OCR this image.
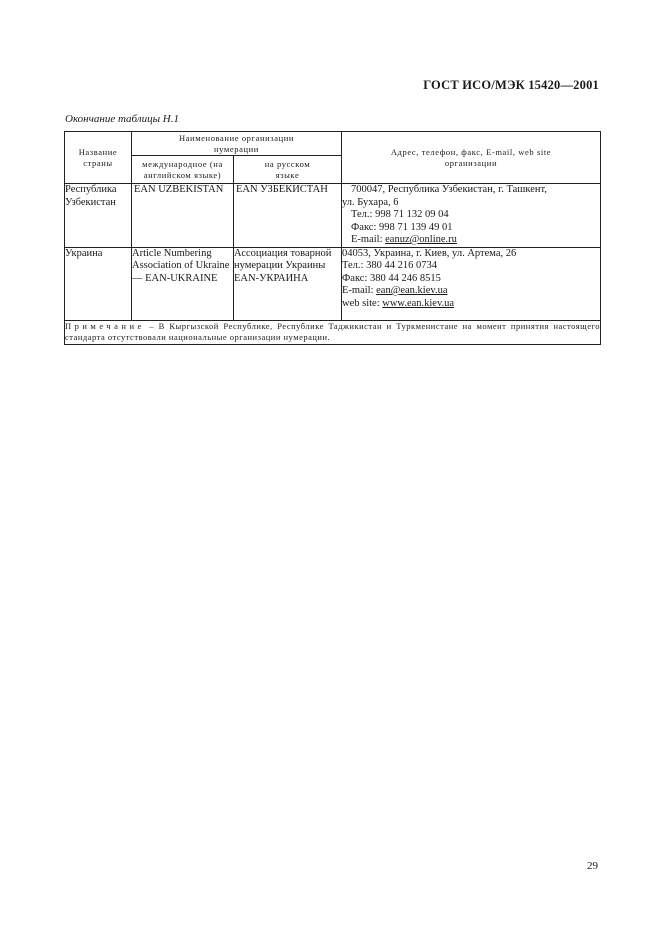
ГОСТ ИСО/МЭК 15420—2001
Окончание таблицы Н.1
Название страны	Наименование организации нумерации		Адрес, телефон, факс, E-mail, web site организации
	международное (на английском языке)	на русском языке	
Республика Узбекистан	EAN UZBEKISTAN	EAN УЗБЕКИСТАН	700047, Республика Узбекистан, г. Ташкент,
ул. Бухара, 6
Тел.: 998 71 132 09 04
Факс: 998 71 139 49 01
E-mail: eanuz@online.ru

Украина	Article Numbering Association of Ukraine — EAN-UKRAINE	Ассоциация товарной нумерации Украины EAN-УКРАИНА	04053, Украина, г. Киев, ул. Артема, 26
Тел.: 380 44 216 0734
Факс: 380 44 246 8515
E-mail: ean@ean.kiev.ua
web site: www.ean.kiev.ua

Примечание – В Кыргызской Республике, Республике Таджикистан и Туркменистане на момент принятия настоящего стандарта отсутствовали национальные организации нумерации.			
29
